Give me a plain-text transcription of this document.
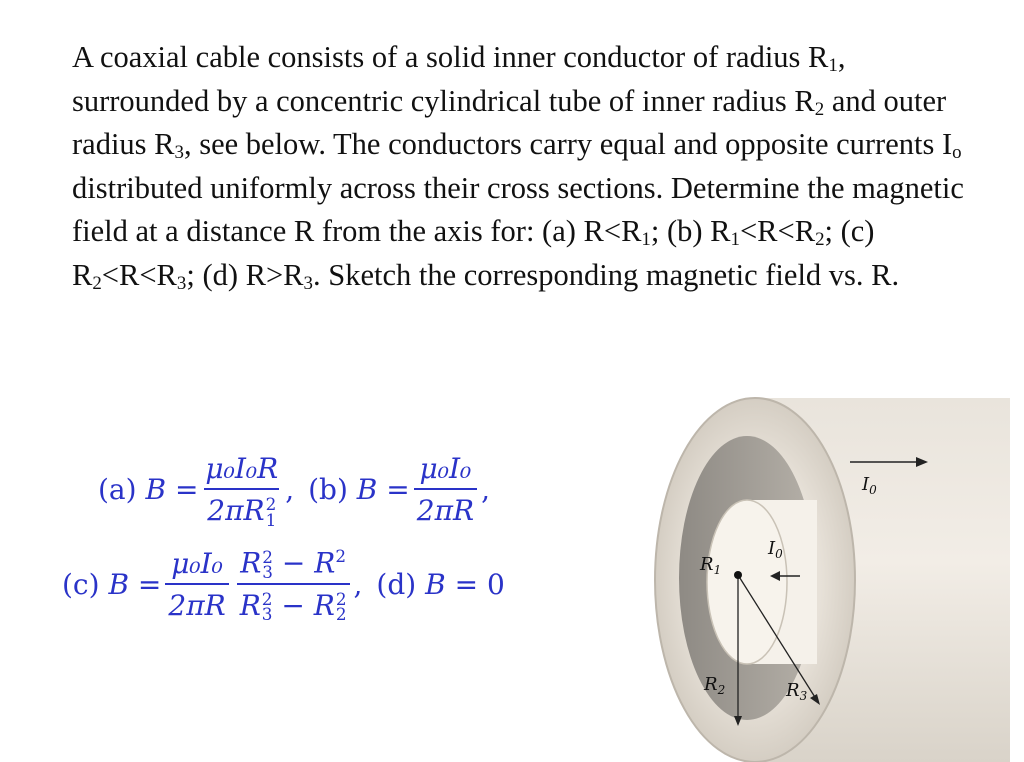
A coaxial cable consists of a solid inner conductor of radius $R_1$, surrounded by a concentric cylindrical tube of inner radius $R_2$ and outer radius $R_3$, see below. The conductors carry equal and opposite currents $I_o$ distributed uniformly across their cross sections. Determine the magnetic field at a distance R from the axis for: (a) $R<R_1$; (b) $R_1<R<R_2$; (c) $R_2<R<R_3$; (d) $R>R_3$. Sketch the corresponding magnetic field vs. R.
(a)
B
= μ₀I₀R
2πR 2
1 , (b)
B
= $\frac{\text{μ₀I₀}}{2\pi R}$ ,
(c)
B
= $\frac{\text{μ₀I₀}}{2\pi R}$ R 2
$3 - R^2$
R 2
3 − R 2
2 , (d)
B
=
0
$R_1$
$I_0$
$I_0$
$R_2$	$R_3$
